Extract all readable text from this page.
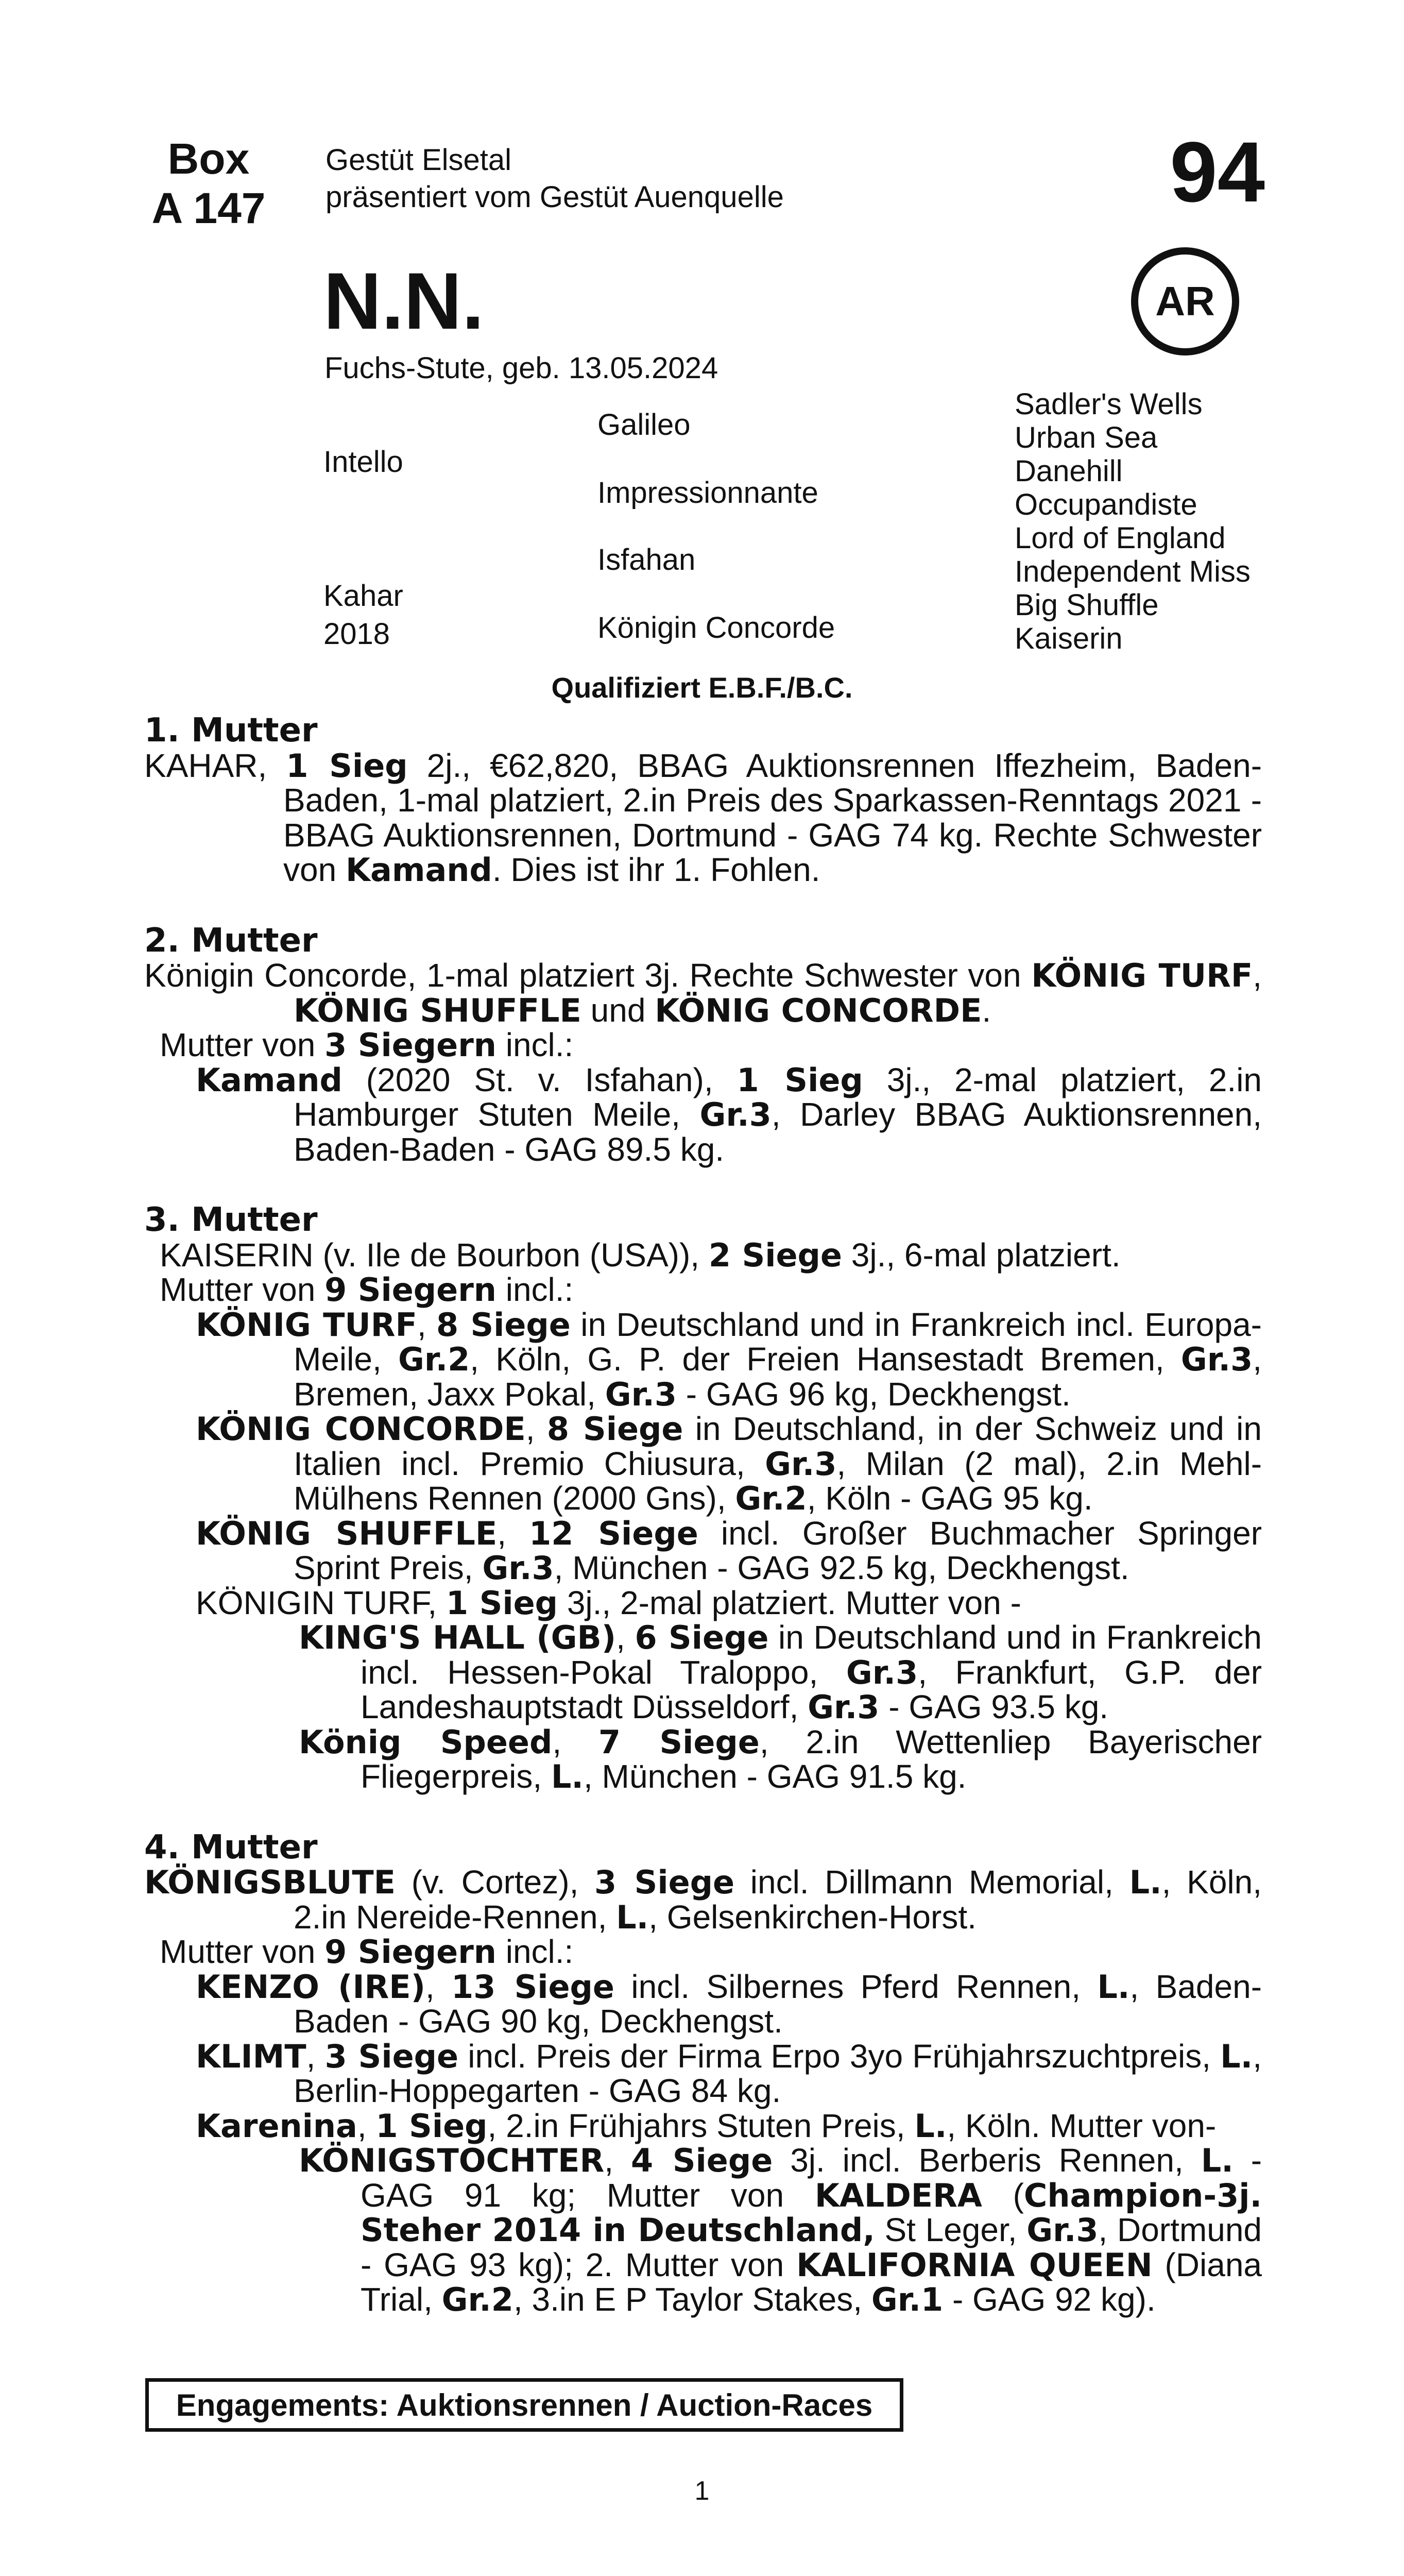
Box
A 147
Gestüt Elsetal
präsentiert vom Gestüt Auenquelle	94
AR
N.N.
Fuchs-Stute, geb. 13.05.2024
Intello
Kahar
2018
Galileo
Impressionnante
Isfahan
Königin Concorde
Sadler's Wells
Urban Sea
Danehill
Occupandiste
Lord of England
Independent Miss
Big Shuffle
Kaiserin
Qualifiziert E.B.F./B.C.
1. Mutter
KAHAR, 1 Sieg 2j., €62,820, BBAG Auktionsrennen Iffezheim, Baden-Baden, 1-mal platziert, 2.in Preis des Sparkassen-Renntags 2021 - BBAG Auktionsrennen, Dortmund - GAG 74 kg. Rechte Schwester von Kamand. Dies ist ihr 1. Fohlen.
2. Mutter
Königin Concorde, 1-mal platziert 3j. Rechte Schwester von KÖNIG TURF, KÖNIG SHUFFLE und KÖNIG CONCORDE.
Mutter von 3 Siegern incl.:
Kamand (2020 St. v. Isfahan), 1 Sieg 3j., 2-mal platziert, 2.in Hamburger Stuten Meile, Gr.3, Darley BBAG Auktionsrennen, Baden-Baden - GAG 89.5 kg.
3. Mutter
KAISERIN (v. Ile de Bourbon (USA)), 2 Siege 3j., 6-mal platziert.
Mutter von 9 Siegern incl.:
KÖNIG TURF, 8 Siege in Deutschland und in Frankreich incl. Europa-Meile, Gr.2, Köln, G. P. der Freien Hansestadt Bremen, Gr.3, Bremen, Jaxx Pokal, Gr.3 - GAG 96 kg, Deckhengst.
KÖNIG CONCORDE, 8 Siege in Deutschland, in der Schweiz und in Italien incl. Premio Chiusura, Gr.3, Milan (2 mal), 2.in Mehl-Mülhens Rennen (2000 Gns), Gr.2, Köln - GAG 95 kg.
KÖNIG SHUFFLE, 12 Siege incl. Großer Buchmacher Springer Sprint Preis, Gr.3, München - GAG 92.5 kg, Deckhengst.
KÖNIGIN TURF, 1 Sieg 3j., 2-mal platziert. Mutter von -
KING'S HALL (GB), 6 Siege in Deutschland und in Frankreich incl. Hessen-Pokal Traloppo, Gr.3, Frankfurt, G.P. der Landeshauptstadt Düsseldorf, Gr.3 - GAG 93.5 kg.
König Speed, 7 Siege, 2.in Wettenliep Bayerischer Fliegerpreis, L., München - GAG 91.5 kg.
4. Mutter
KÖNIGSBLUTE (v. Cortez), 3 Siege incl. Dillmann Memorial, L., Köln, 2.in Nereide-Rennen, L., Gelsenkirchen-Horst.
Mutter von 9 Siegern incl.:
KENZO (IRE), 13 Siege incl. Silbernes Pferd Rennen, L., Baden-Baden - GAG 90 kg, Deckhengst.
KLIMT, 3 Siege incl. Preis der Firma Erpo 3yo Frühjahrszuchtpreis, L., Berlin-Hoppegarten - GAG 84 kg.
Karenina, 1 Sieg, 2.in Frühjahrs Stuten Preis, L., Köln. Mutter von-
KÖNIGSTOCHTER, 4 Siege 3j. incl. Berberis Rennen, L. - GAG 91 kg; Mutter von KALDERA (Champion-3j. Steher 2014 in Deutschland, St Leger, Gr.3, Dortmund - GAG 93 kg); 2. Mutter von KALIFORNIA QUEEN (Diana Trial, Gr.2, 3.in E P Taylor Stakes, Gr.1 - GAG 92 kg).
Engagements: Auktionsrennen / Auction-Races
1
